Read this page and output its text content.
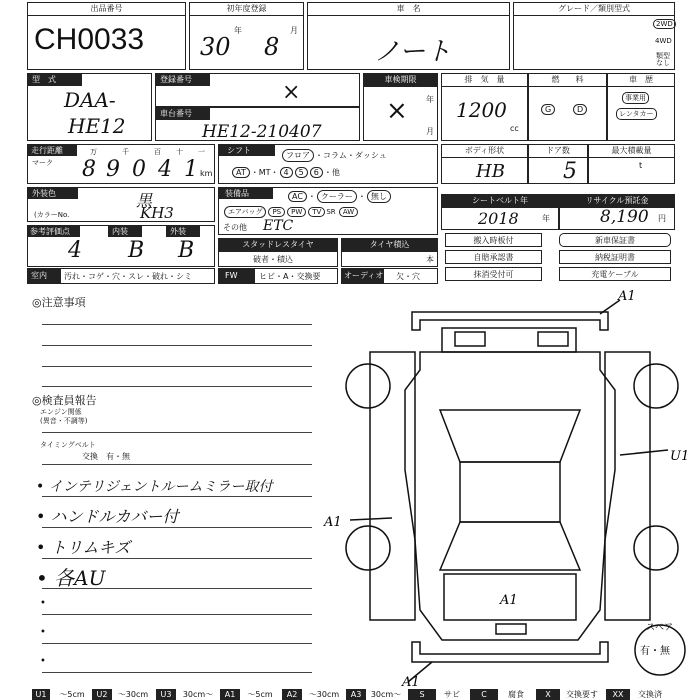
出品番号
CH0033
初年度登録
30
年
8
月
車　名
ノート
グレード／類別型式
2WD
4WD
類型
なし
型　式
DAA-
HE12
登録番号
×
車台番号
HE12-210407
車検期限
× 年
月
排　気　量
1200
cc
燃　　料
G	D
車　歴
事業用
レンタカー
走行距離
マーク
万	千	百 十 一
8 9 0 4 1 km
シフト
フロア ・コラム・ダッシュ
AT ・MT・ 4 5 6 ・他
ボディ形状
HB
ドア数
5
最大積載量
t
外装色	黒
(カラーNo.	KH3
装備品	AC ・ クーラー ・ 無し
エアバッグ PS PW TV SR AW
その他 ETC
シートベルト年
2018	年
リサイクル預託金
8,190 円
参考評価点	内装	外装
4 B B	スタッドレスタイヤ
破者・積込
タイヤ積込
本
搬入時板付	新車保証書
自賠承認書	納税証明書
抹消受付可	充電ケーブル
室内	汚れ・コゲ・穴・スレ・破れ・シミ	FW	ヒビ・A・交換要	オーディオ 欠・穴
◎注意事項
◎検査員報告
エンジン関係
(異音・不調等)
タイミングベルト
交換　有・無
• インテリジェントルームミラー取付
• ハンドルカバー付
• トリムキズ
• 各AU
•
•
•
A1
U1
A1
A1
A1
スペア
有・無
U1	～5cm	U2	～30cm	U3	30cm～	A1	～5cm	A2	～30cm	A3	30cm～	S	サビ	C	腐食	X	交換要す	XX	交換済
